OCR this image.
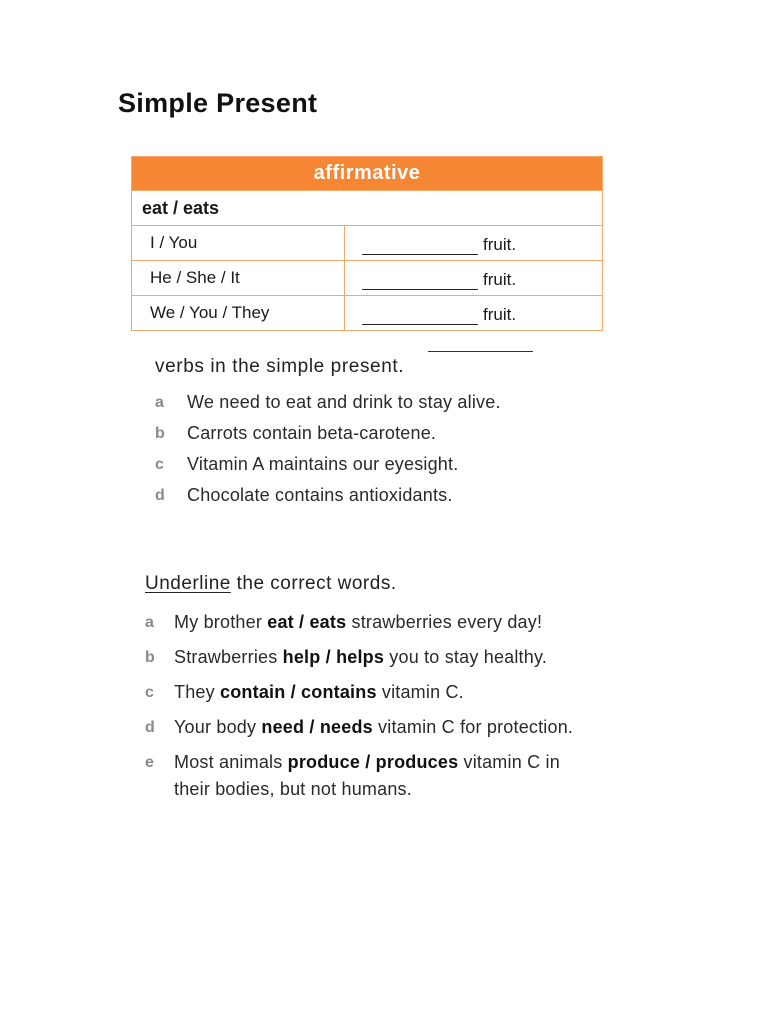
Simple Present
affirmative
eat / eats
I / You	fruit.
He / She / It	fruit.
We / You / They	fruit.
verbs in the simple present.
a	We need to eat and drink to stay alive.
b	Carrots contain beta-carotene.
c	Vitamin A maintains our eyesight.
d	Chocolate contains antioxidants.
Underline the correct words.
a	My brother eat / eats strawberries every day!
b	Strawberries help / helps you to stay healthy.
c	They contain / contains vitamin C.
d	Your body need / needs vitamin C for protection.
e	Most animals produce / produces vitamin C in their bodies, but not humans.
